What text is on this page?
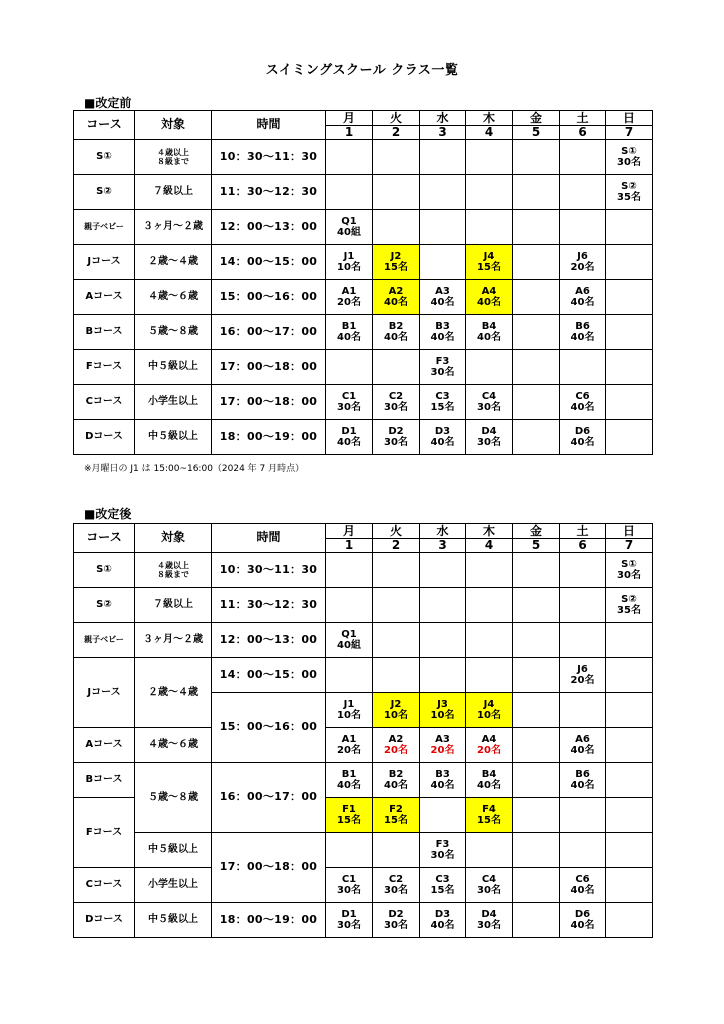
スイミングスクール クラス一覧
■改定前
コース	対象	時間	月	火	水	木	金	土	日
			1	2	3	4	5	6	7
S①	４歳以上
８級まで	10：30〜11：30							S①
30名

S②	７級以上	11：30〜12：30							S②
35名

親子ベビー	３ヶ月〜２歳	12：00〜13：00	Q1
40組						

Jコース	２歳〜４歳	14：00〜15：00	J1
10名	J2
15名		J4
15名		J6
20名	

Aコース	４歳〜６歳	15：00〜16：00	A1
20名	A2
40名	A3
40名	A4
40名		A6
40名	

Bコース	５歳〜８歳	16：00〜17：00	B1
40名	B2
40名	B3
40名	B4
40名		B6
40名	

Fコース	中５級以上	17：00〜18：00			F3
30名				

Cコース	小学生以上	17：00〜18：00	C1
30名	C2
30名	C3
15名	C4
30名		C6
40名	

Dコース	中５級以上	18：00〜19：00	D1
40名	D2
30名	D3
40名	D4
30名		D6
40名	

※月曜日の J1 は 15:00~16:00（2024 年 7 月時点）
■改定後
コース	対象	時間	月	火	水	木	金	土	日
			1	2	3	4	5	6	7
S①	４歳以上
８級まで	10：30〜11：30							S①
30名

S②	７級以上	11：30〜12：30							S②
35名

親子ベビー	３ヶ月〜２歳	12：00〜13：00	Q1
40組						

Jコース	２歳〜４歳	14：00〜15：00						J6
20名	

		15：00〜16：00	J1
10名	J2
10名	J3
10名	J4
10名			

Aコース	４歳〜６歳		A1
20名	A2
20名	A3
20名	A4
20名		A6
40名	

Bコース	５歳〜８歳	16：00〜17：00	B1
40名	B2
40名	B3
40名	B4
40名		B6
40名	

Fコース			F1
15名	F2
15名		F4
15名			

	中５級以上	17：00〜18：00			F3
30名				

Cコース	小学生以上		C1
30名	C2
30名	C3
15名	C4
30名		C6
40名	

Dコース	中５級以上	18：00〜19：00	D1
30名	D2
30名	D3
40名	D4
30名		D6
40名	
